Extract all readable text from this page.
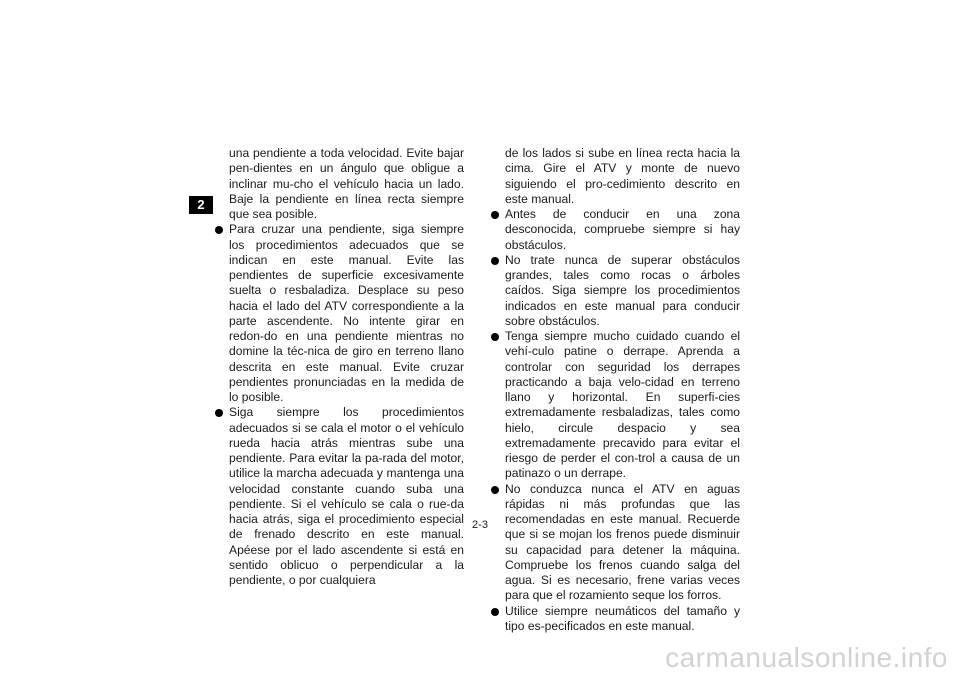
2

una pendiente a toda velocidad. Evite bajar pen-dientes en un ángulo que obligue a inclinar mu-cho el vehículo hacia un lado. Baje la pendiente en línea recta siempre que sea posible.

Para cruzar una pendiente, siga siempre los procedimientos adecuados que se indican en este manual. Evite las pendientes de superficie excesivamente suelta o resbaladiza. Desplace su peso hacia el lado del ATV correspondiente a la parte ascendente. No intente girar en redon-do en una pendiente mientras no domine la téc-nica de giro en terreno llano descrita en este manual. Evite cruzar pendientes pronunciadas en la medida de lo posible.
Siga siempre los procedimientos adecuados si se cala el motor o el vehículo rueda hacia atrás mientras sube una pendiente. Para evitar la pa-rada del motor, utilice la marcha adecuada y mantenga una velocidad constante cuando suba una pendiente. Si el vehículo se cala o rue-da hacia atrás, siga el procedimiento especial de frenado descrito en este manual. Apéese por el lado ascendente si está en sentido oblicuo o perpendicular a la pendiente, o por cualquiera

de los lados si sube en línea recta hacia la cima. Gire el ATV y monte de nuevo siguiendo el pro-cedimiento descrito en este manual.

Antes de conducir en una zona desconocida, compruebe siempre si hay obstáculos.
No trate nunca de superar obstáculos grandes, tales como rocas o árboles caídos. Siga siempre los procedimientos indicados en este manual para conducir sobre obstáculos.
Tenga siempre mucho cuidado cuando el vehí-culo patine o derrape. Aprenda a controlar con seguridad los derrapes practicando a baja velo-cidad en terreno llano y horizontal. En superfi-cies extremadamente resbaladizas, tales como hielo, circule despacio y sea extremadamente precavido para evitar el riesgo de perder el con-trol a causa de un patinazo o un derrape.
No conduzca nunca el ATV en aguas rápidas ni más profundas que las recomendadas en este manual. Recuerde que si se mojan los frenos puede disminuir su capacidad para detener la máquina. Compruebe los frenos cuando salga del agua. Si es necesario, frene varias veces para que el rozamiento seque los forros.
Utilice siempre neumáticos del tamaño y tipo es-pecificados en este manual.
2-3
carmanualsonline.info
